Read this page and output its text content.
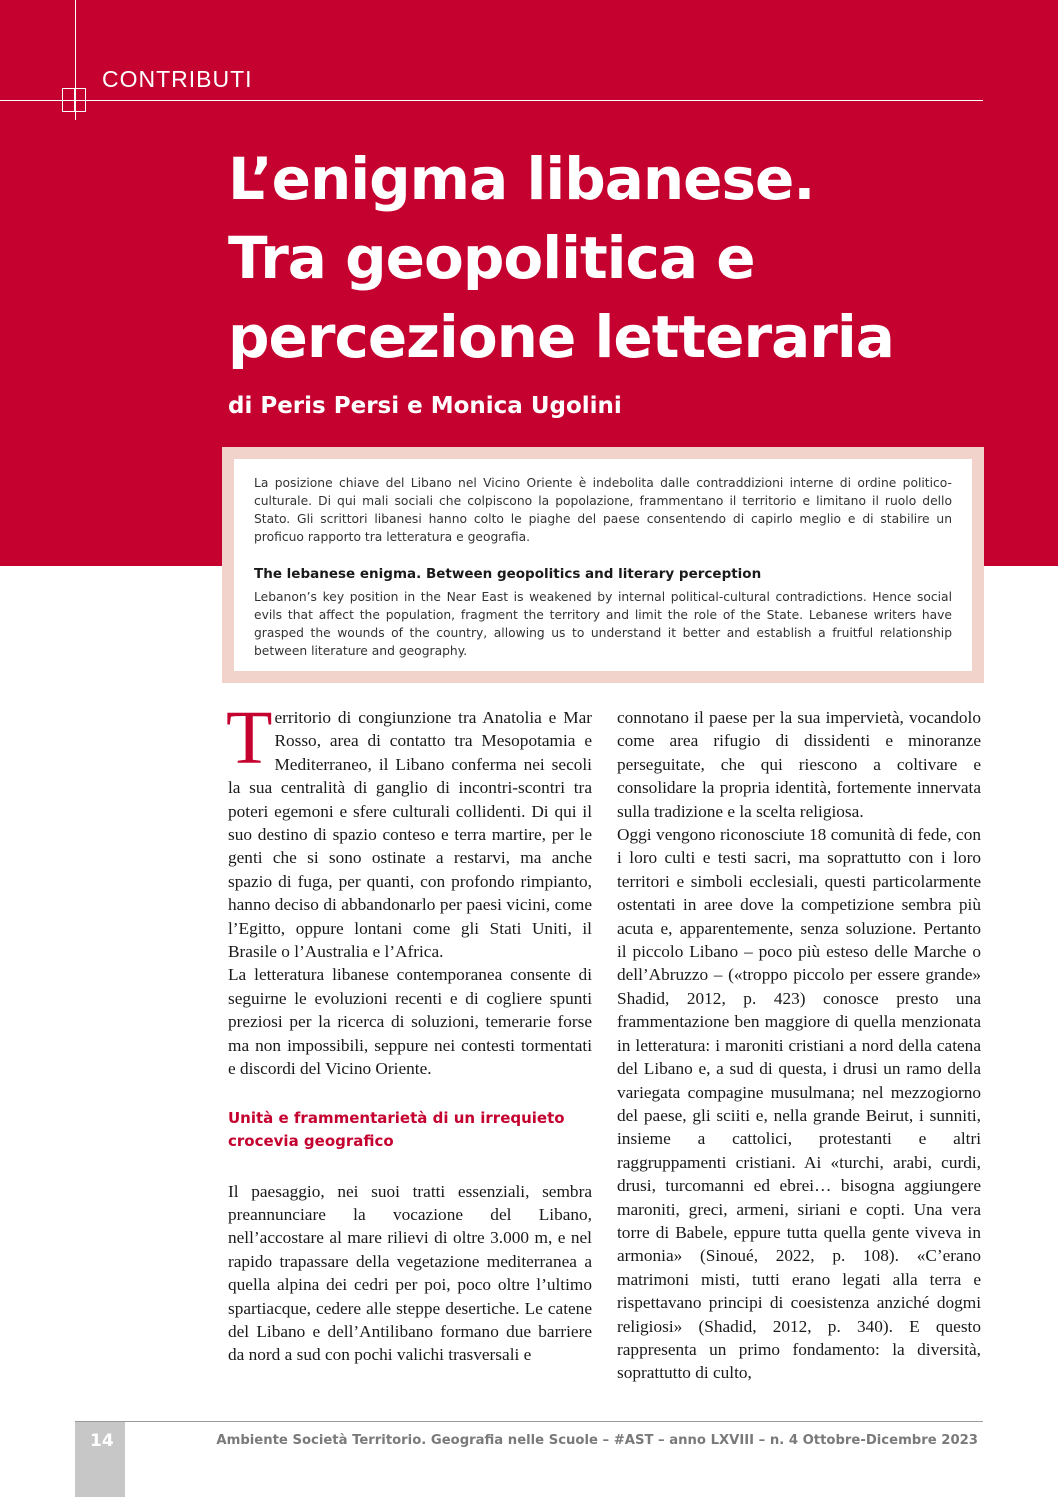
CONTRIBUTI
L’enigma libanese.
Tra geopolitica e
percezione letteraria
di Peris Persi e Monica Ugolini

La posizione chiave del Libano nel Vicino Oriente è indebolita dalle contraddizioni interne di ordine politico-culturale. Di qui mali sociali che colpiscono la popolazione, frammentano il territorio e limitano il ruolo dello Stato. Gli scrittori libanesi hanno colto le piaghe del paese consentendo di capirlo meglio e di stabilire un proficuo rapporto tra letteratura e geografia.

The lebanese enigma. Between geopolitics and literary perception

Lebanon’s key position in the Near East is weakened by internal political-cultural contradictions. Hence social evils that affect the population, fragment the territory and limit the role of the State. Lebanese writers have grasped the wounds of the country, allowing us to understand it better and establish a fruitful relationship between literature and geography.

Territorio di congiunzione tra Anatolia e Mar Rosso, area di contatto tra Mesopotamia e Mediterraneo, il Libano conferma nei secoli la sua centralità di ganglio di incontri-scontri tra poteri egemoni e sfere culturali collidenti. Di qui il suo destino di spazio conteso e terra martire, per le genti che si sono ostinate a restarvi, ma anche spazio di fuga, per quanti, con profondo rimpianto, hanno deciso di abbandonarlo per paesi vicini, come l’Egitto, oppure lontani come gli Stati Uniti, il Brasile o l’Australia e l’Africa.

La letteratura libanese contemporanea consente di seguirne le evoluzioni recenti e di cogliere spunti preziosi per la ricerca di soluzioni, temerarie forse ma non impossibili, seppure nei contesti tormentati e discordi del Vicino Oriente.

Unità e frammentarietà di un irrequieto crocevia geografico

Il paesaggio, nei suoi tratti essenziali, sembra preannunciare la vocazione del Libano, nell’accostare al mare rilievi di oltre 3.000 m, e nel rapido trapassare della vegetazione mediterranea a quella alpina dei cedri per poi, poco oltre l’ultimo spartiacque, cedere alle steppe desertiche. Le catene del Libano e dell’Antilibano formano due barriere da nord a sud con pochi valichi trasversali e

connotano il paese per la sua impervietà, vocandolo come area rifugio di dissidenti e minoranze perseguitate, che qui riescono a coltivare e consolidare la propria identità, fortemente innervata sulla tradizione e la scelta religiosa.

Oggi vengono riconosciute 18 comunità di fede, con i loro culti e testi sacri, ma soprattutto con i loro territori e simboli ecclesiali, questi particolarmente ostentati in aree dove la competizione sembra più acuta e, apparentemente, senza soluzione. Pertanto il piccolo Libano – poco più esteso delle Marche o dell’Abruzzo – («troppo piccolo per essere grande» Shadid, 2012, p. 423) conosce presto una frammentazione ben maggiore di quella menzionata in letteratura: i maroniti cristiani a nord della catena del Libano e, a sud di questa, i drusi un ramo della variegata compagine musulmana; nel mezzogiorno del paese, gli sciiti e, nella grande Beirut, i sunniti, insieme a cattolici, protestanti e altri raggruppamenti cristiani. Ai «turchi, arabi, curdi, drusi, turcomanni ed ebrei… bisogna aggiungere maroniti, greci, armeni, siriani e copti. Una vera torre di Babele, eppure tutta quella gente viveva in armonia» (Sinoué, 2022, p. 108). «C’erano matrimoni misti, tutti erano legati alla terra e rispettavano principi di coesistenza anziché dogmi religiosi» (Shadid, 2012, p. 340). E questo rappresenta un primo fondamento: la diversità, soprattutto di culto,

14	Ambiente Società Territorio. Geografia nelle Scuole – #AST – anno LXVIII – n. 4 Ottobre-Dicembre 2023
